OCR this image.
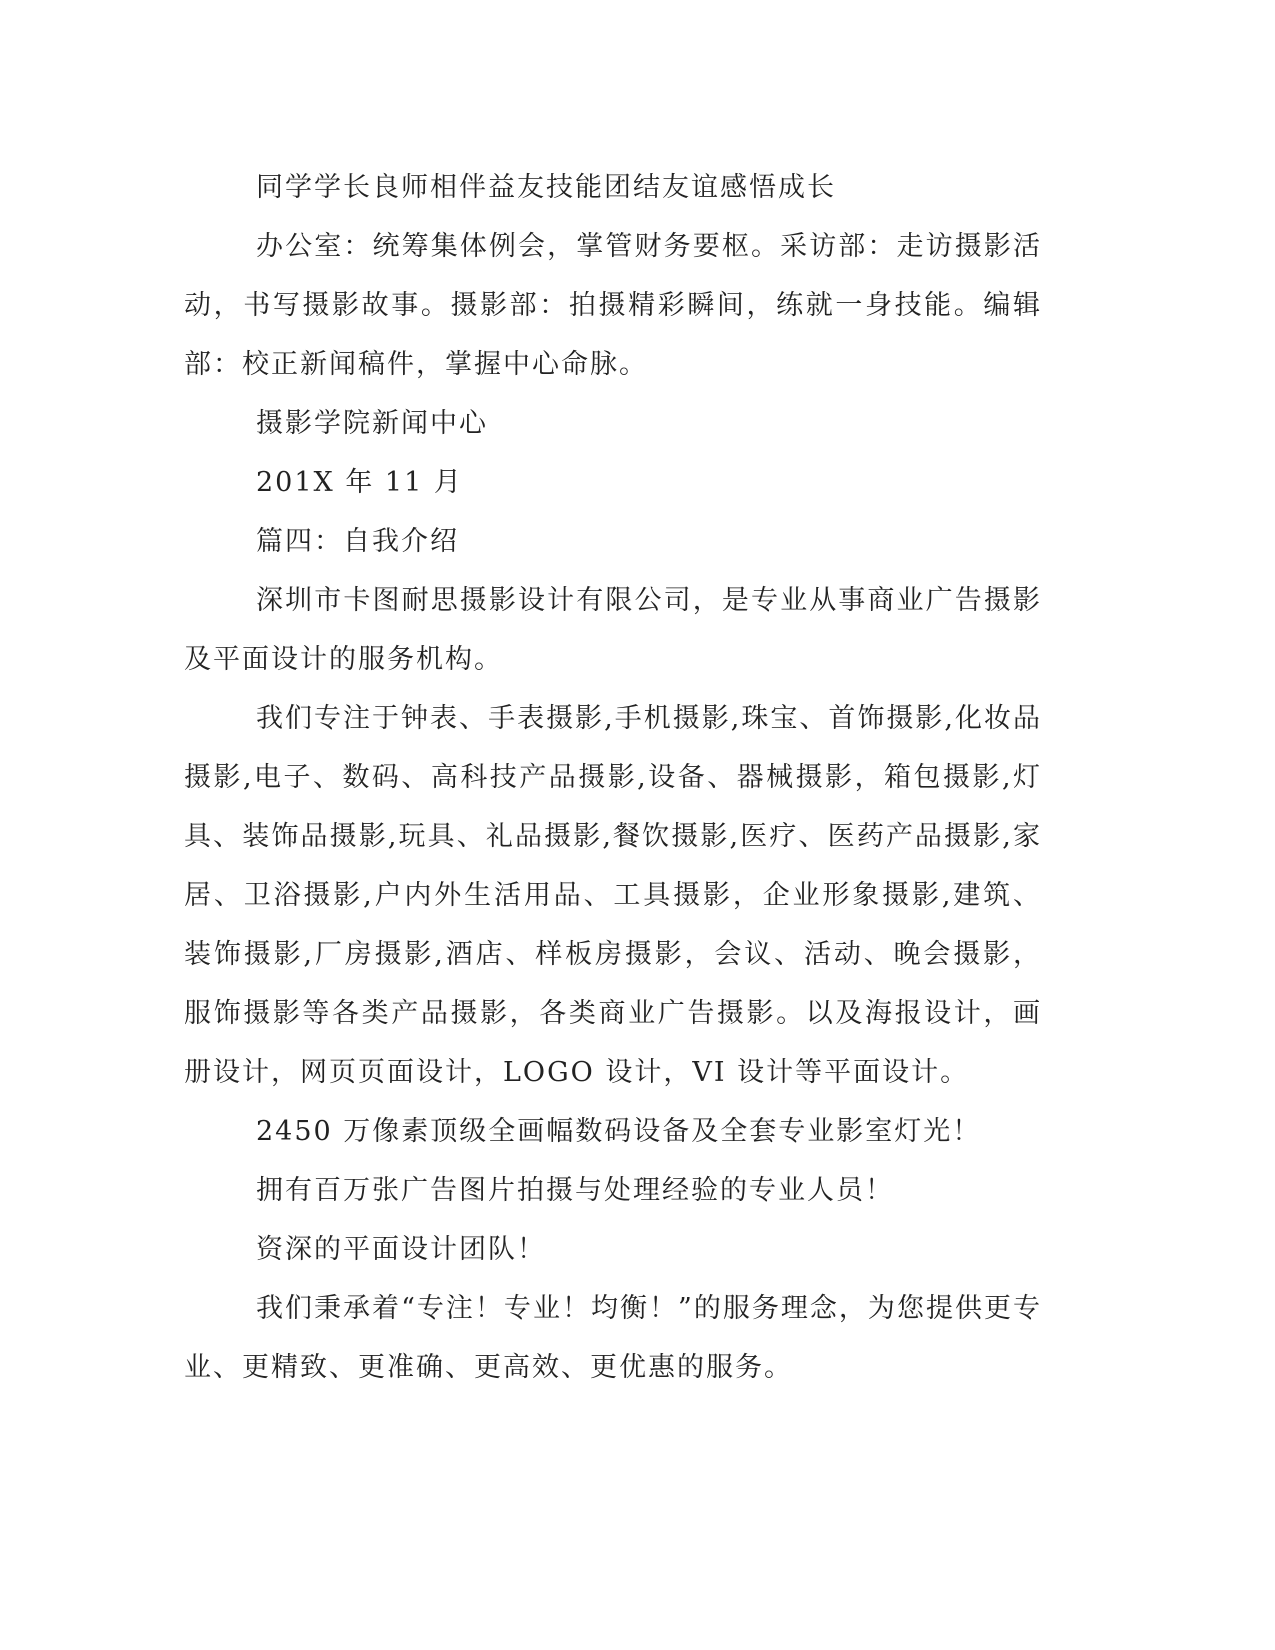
同学学长良师相伴益友技能团结友谊感悟成长

办公室：统筹集体例会，掌管财务要枢。采访部：走访摄影活动，书写摄影故事。摄影部：拍摄精彩瞬间，练就一身技能。编辑部：校正新闻稿件，掌握中心命脉。

摄影学院新闻中心

201X 年 11 月

篇四：自我介绍

深圳市卡图耐思摄影设计有限公司，是专业从事商业广告摄影及平面设计的服务机构。

我们专注于钟表、手表摄影,手机摄影,珠宝、首饰摄影,化妆品摄影,电子、数码、高科技产品摄影,设备、器械摄影，箱包摄影,灯具、装饰品摄影,玩具、礼品摄影,餐饮摄影,医疗、医药产品摄影,家居、卫浴摄影,户内外生活用品、工具摄影，企业形象摄影,建筑、装饰摄影,厂房摄影,酒店、样板房摄影，会议、活动、晚会摄影，服饰摄影等各类产品摄影，各类商业广告摄影。以及海报设计，画册设计，网页页面设计，LOGO 设计，VI 设计等平面设计。

2450 万像素顶级全画幅数码设备及全套专业影室灯光！

拥有百万张广告图片拍摄与处理经验的专业人员！

资深的平面设计团队！

我们秉承着“专注！专业！均衡！”的服务理念，为您提供更专业、更精致、更准确、更高效、更优惠的服务。
